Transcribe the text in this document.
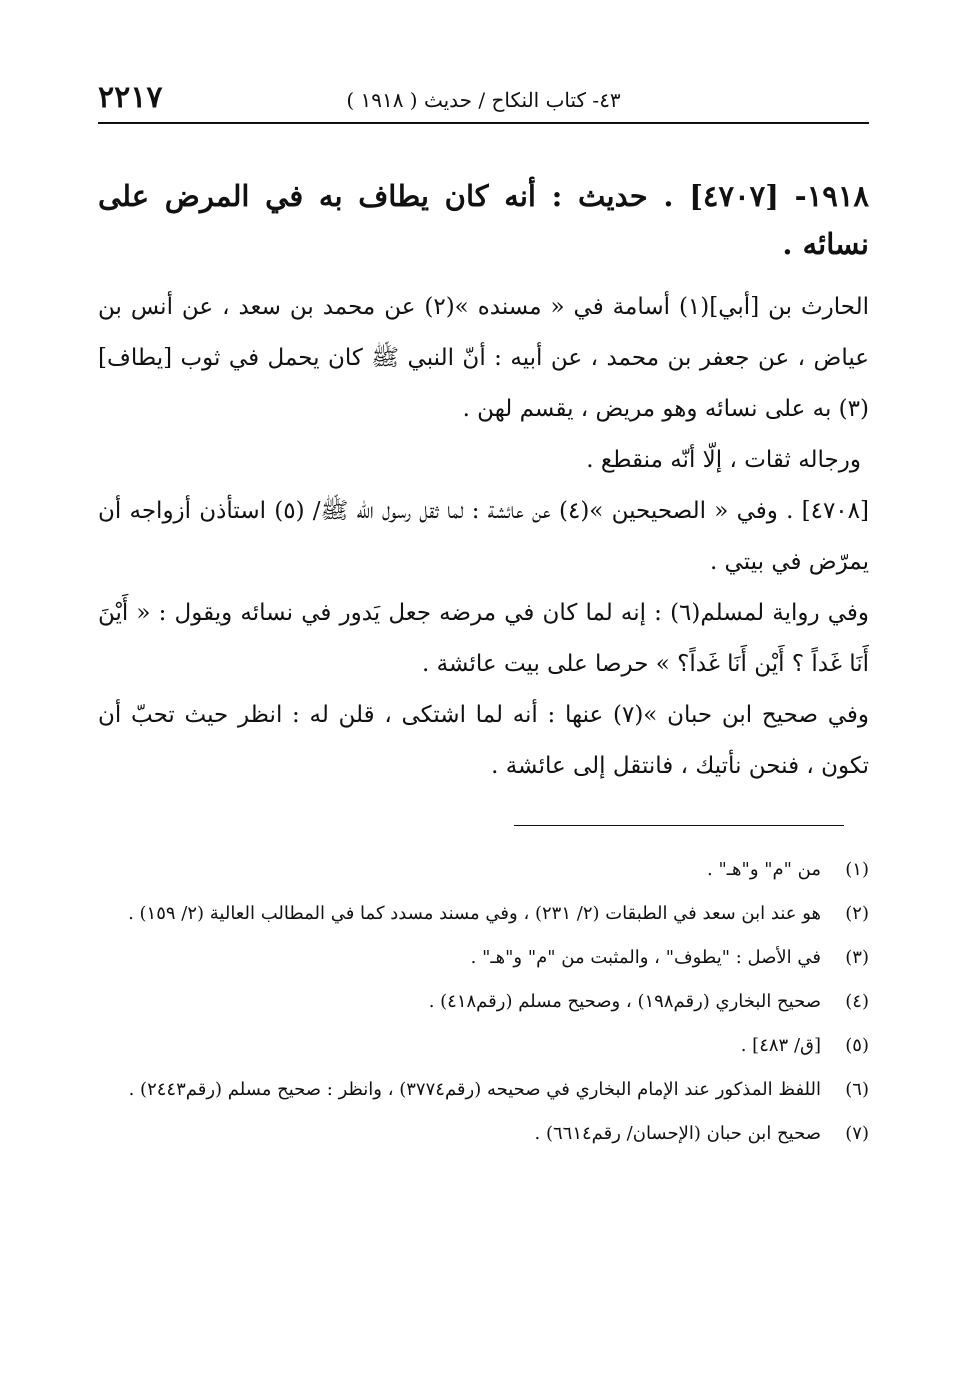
٢٢١٧	٤٣- كتاب النكاح / حديث ( ١٩١٨ )
١٩١٨- [٤٧٠٧] . حديث : أنه كان يطاف به في المرض على نسائه .

الحارث بن [أبي](١) أسامة في « مسنده »(٢) عن محمد بن سعد ، عن أنس بن عياض ، عن جعفر بن محمد ، عن أبيه : أنّ النبي ﷺ كان يحمل في ثوب [يطاف](٣) به على نسائه وهو مريض ، يقسم لهن .

ورجاله ثقات ، إلّا أنّه منقطع .

[٤٧٠٨] . وفي « الصحيحين »(٤) عن عائشة : لما ثقل رسول الله ﷺ/ (٥) استأذن أزواجه أن يمرّض في بيتي .

وفي رواية لمسلم(٦) : إنه لما كان في مرضه جعل يَدور في نسائه ويقول : « أَيْنَ أَنَا غَداً ؟ أَيْن أَنَا غَداً؟ » حرصا على بيت عائشة .

وفي صحيح ابن حبان »(٧) عنها : أنه لما اشتكى ، قلن له : انظر حيث تحبّ أن تكون ، فنحن نأتيك ، فانتقل إلى عائشة .

(١)
من "م" و"هـ" .
(٢)
هو عند ابن سعد في الطبقات (٢/ ٢٣١) ، وفي مسند مسدد كما في المطالب العالية (٢/ ١٥٩) .
(٣)
في الأصل : "يطوف" ، والمثبت من "م" و"هـ" .
(٤)
صحيح البخاري (رقم١٩٨) ، وصحيح مسلم (رقم٤١٨) .
(٥)
[ق/ ٤٨٣] .
(٦)
اللفظ المذكور عند الإمام البخاري في صحيحه (رقم٣٧٧٤) ، وانظر : صحيح مسلم (رقم٢٤٤٣) .
(٧)
صحيح ابن حبان (الإحسان/ رقم٦٦١٤) .
